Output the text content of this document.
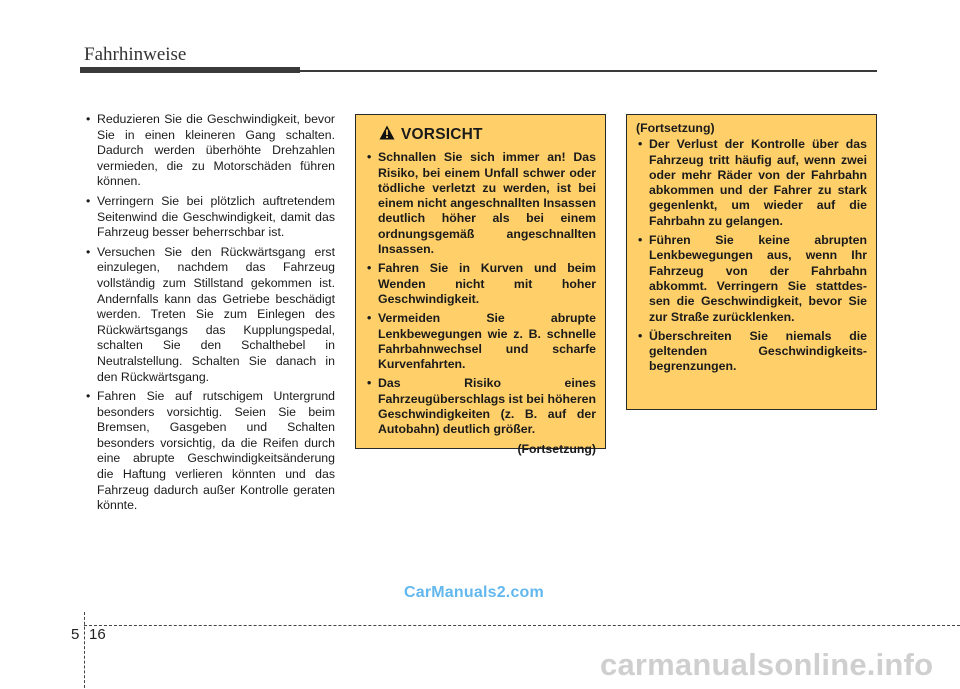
Fahrhinweise
• Reduzieren Sie die Geschwindigkeit, bevor Sie in einen kleineren Gang schalten. Dadurch werden überhöhte Drehzahlen vermieden, die zu Motorschäden führen können.
• Verringern Sie bei plötzlich auftretendem Seitenwind die Geschwindigkeit, damit das Fahrzeug besser beherrschbar ist.
• Versuchen Sie den Rückwärtsgang erst einzulegen, nachdem das Fahrzeug vollständig zum Stillstand gekommen ist. Andernfalls kann das Getriebe beschädigt werden. Treten Sie zum Einlegen des Rückwärtsgangs das Kupplungspedal, schalten Sie den Schalthebel in Neutralstellung. Schalten Sie danach in den Rückwärtsgang.
• Fahren Sie auf rutschigem Untergrund besonders vorsichtig. Seien Sie beim Bremsen, Gasgeben und Schalten besonders vorsichtig, da die Reifen durch eine abrupte Geschwindigkeitsänderung die Haftung verlieren könnten und das Fahrzeug dadurch außer Kontrolle geraten könnte.
VORSICHT
• Schnallen Sie sich immer an! Das Risiko, bei einem Unfall schwer oder tödliche verletzt zu werden, ist bei einem nicht angeschnallten Insassen deutlich höher als bei einem ordnungsgemäß angeschnallten Insassen.
• Fahren Sie in Kurven und beim Wenden nicht mit hoher Geschwindigkeit.
• Vermeiden Sie abrupte Lenkbewegungen wie z. B. schnelle Fahrbahnwechsel und scharfe Kurvenfahrten.
• Das Risiko eines Fahrzeugüberschlags ist bei höheren Geschwindigkeiten (z. B. auf der Autobahn) deutlich größer.
(Fortsetzung)
(Fortsetzung)
• Der Verlust der Kontrolle über das Fahrzeug tritt häufig auf, wenn zwei oder mehr Räder von der Fahrbahn abkommen und der Fahrer zu stark gegenlenkt, um wieder auf die Fahrbahn zu gelangen.
• Führen Sie keine abrupten Lenkbewegungen aus, wenn Ihr Fahrzeug von der Fahrbahn abkommt. Verringern Sie stattdes-sen die Geschwindigkeit, bevor Sie zur Straße zurücklenken.
• Überschreiten Sie niemals die geltenden Geschwindigkeits-begrenzungen.
5 16
CarManuals2.com
carmanualsonline.info
